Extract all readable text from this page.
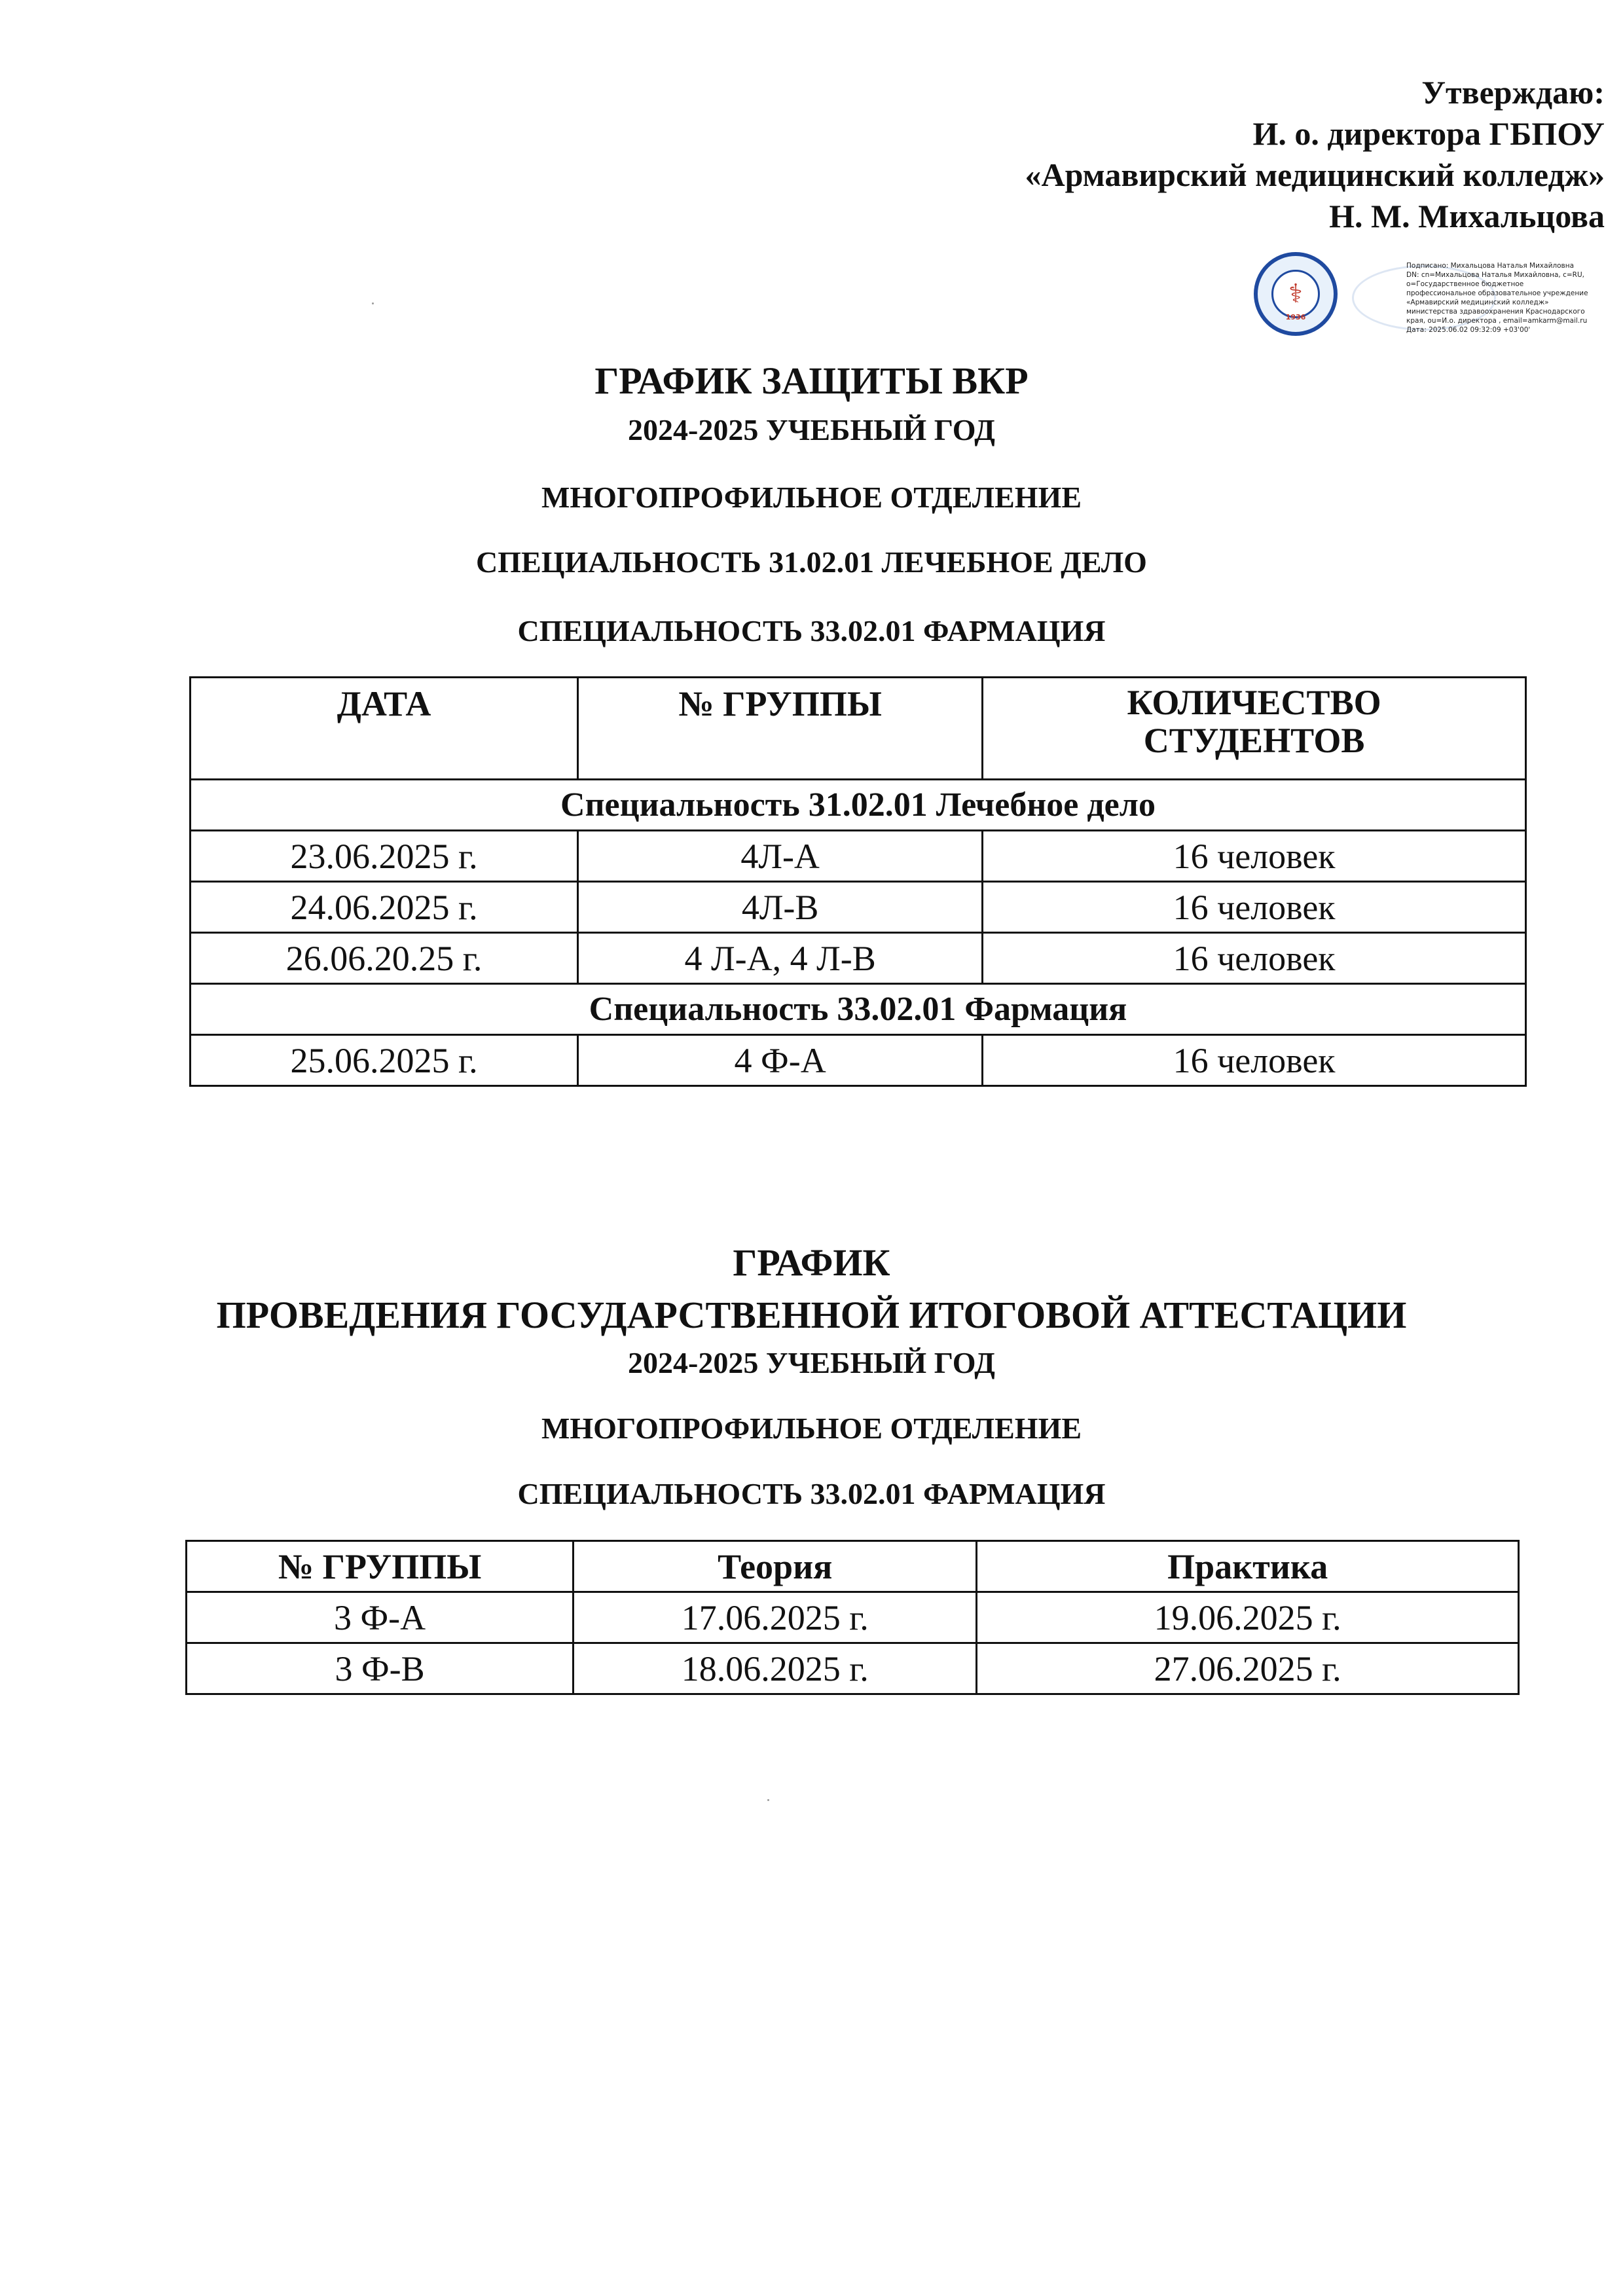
Утверждаю:
И. о. директора ГБПОУ
«Армавирский медицинский колледж»
Н. М. Михальцова
⚕
1936
Подписано: Михальцова Наталья Михайловна
DN: cn=Михальцова Наталья Михайловна, c=RU,
o=Государственное бюджетное
профессиональное образовательное учреждение
«Армавирский медицинский колледж»
министерства здравоохранения Краснодарского
края, ou=И.о. директора , email=amkarm@mail.ru
Дата: 2025.06.02 09:32:09 +03'00'
ГРАФИК ЗАЩИТЫ ВКР
2024-2025 УЧЕБНЫЙ ГОД
МНОГОПРОФИЛЬНОЕ ОТДЕЛЕНИЕ
СПЕЦИАЛЬНОСТЬ 31.02.01 ЛЕЧЕБНОЕ ДЕЛО
СПЕЦИАЛЬНОСТЬ 33.02.01 ФАРМАЦИЯ
ДАТА	№ ГРУППЫ	КОЛИЧЕСТВО
СТУДЕНТОВ
Специальность 31.02.01 Лечебное дело		
23.06.2025 г.	4Л-А	16 человек
24.06.2025 г.	4Л-В	16 человек
26.06.20.25 г.	4 Л-А, 4 Л-В	16 человек
Специальность 33.02.01 Фармация		
25.06.2025 г.	4 Ф-А	16 человек
ГРАФИК
ПРОВЕДЕНИЯ ГОСУДАРСТВЕННОЙ ИТОГОВОЙ АТТЕСТАЦИИ
2024-2025 УЧЕБНЫЙ ГОД
МНОГОПРОФИЛЬНОЕ ОТДЕЛЕНИЕ
СПЕЦИАЛЬНОСТЬ 33.02.01 ФАРМАЦИЯ
№ ГРУППЫ	Теория	Практика
3 Ф-А	17.06.2025 г.	19.06.2025 г.
3 Ф-В	18.06.2025 г.	27.06.2025 г.
